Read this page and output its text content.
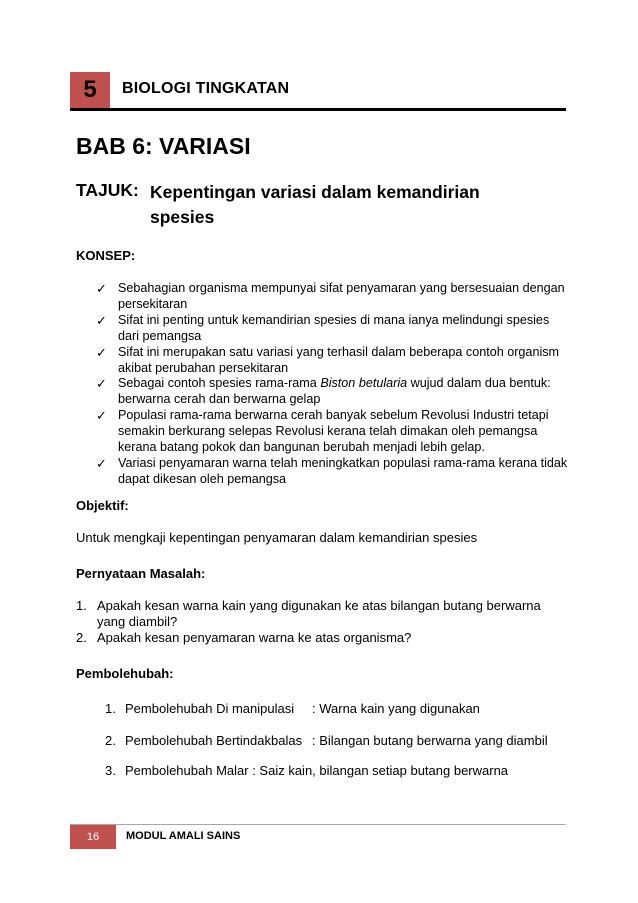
5	BIOLOGI TINGKATAN
BAB 6: VARIASI
TAJUK: Kepentingan variasi dalam kemandirian spesies
KONSEP:
✓ Sebahagian organisma mempunyai sifat penyamaran yang bersesuaian dengan persekitaran
✓ Sifat ini penting untuk kemandirian spesies di mana ianya melindungi spesies dari pemangsa
✓ Sifat ini merupakan satu variasi yang terhasil dalam beberapa contoh organism akibat perubahan persekitaran
✓ Sebagai contoh spesies rama-rama Biston betularia wujud dalam dua bentuk: berwarna cerah dan berwarna gelap
✓ Populasi rama-rama berwarna cerah banyak sebelum Revolusi Industri tetapi semakin berkurang selepas Revolusi kerana telah dimakan oleh pemangsa kerana batang pokok dan bangunan berubah menjadi lebih gelap.
✓ Variasi penyamaran warna telah meningkatkan populasi rama-rama kerana tidak dapat dikesan oleh pemangsa
Objektif:
Untuk mengkaji kepentingan penyamaran dalam kemandirian spesies
Pernyataan Masalah:
1. Apakah kesan warna kain yang digunakan ke atas bilangan butang berwarna yang diambil?
2. Apakah kesan penyamaran warna ke atas organisma?
Pembolehubah:
1. Pembolehubah Di manipulasi : Warna kain yang digunakan
2. Pembolehubah Bertindakbalas : Bilangan butang berwarna yang diambil
3. Pembolehubah Malar : Saiz kain, bilangan setiap butang berwarna
16	MODUL AMALI SAINS
